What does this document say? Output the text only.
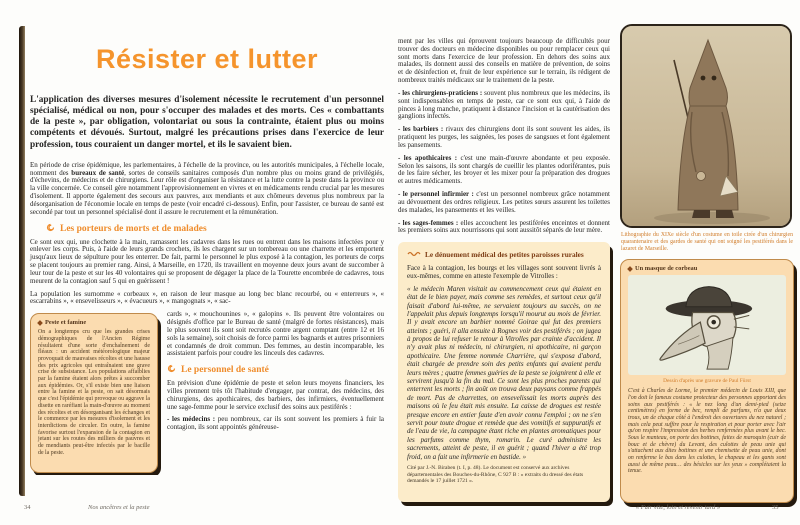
Résister et lutter

L'application des diverses mesures d'isolement nécessite le recrutement d'un personnel spécialisé, médical ou non, pour s'occuper des malades et des morts. Ces « combattants de la peste », par obligation, volontariat ou sous la contrainte, étaient plus ou moins compétents et dévoués. Surtout, malgré les précautions prises dans l'exercice de leur profession, tous couraient un danger mortel, et ils le savaient bien.

En période de crise épidémique, les parlementaires, à l'échelle de la province, ou les autorités municipales, à l'échelle locale, nomment des bureaux de santé, sortes de conseils sanitaires composés d'un nombre plus ou moins grand de privilégiés, d'échevins, de médecins et de chirurgiens. Leur rôle est d'organiser la résistance et la lutte contre la peste dans la province ou la ville concernée. Ce conseil gère notamment l'approvisionnement en vivres et en médicaments rendu crucial par les mesures d'isolement. Il apporte également des secours aux pauvres, aux mendiants et aux chômeurs devenus plus nombreux par la désorganisation de l'économie locale en temps de peste (voir encadré ci-dessous). Enfin, pour l'assister, ce bureau de santé est secondé par tout un personnel spécialisé dont il assure le recrutement et la rémunération.

Les porteurs de morts et de malades

Ce sont eux qui, une clochette à la main, ramassent les cadavres dans les rues ou entrent dans les maisons infectées pour y enlever les corps. Puis, à l'aide de leurs grands crochets, ils les chargent sur un tombereau ou une charrette et les emportent jusqu'aux lieux de sépulture pour les enterrer. De fait, parmi le personnel le plus exposé à la contagion, les porteurs de corps se placent toujours au premier rang. Ainsi, à Marseille, en 1720, ils travaillent en moyenne deux jours avant de succomber à leur tour de la peste et sur les 40 volontaires qui se proposent de dégager la place de la Tourette encombrée de cadavres, tous meurent de la contagion sauf 5 qui en guérissent !

La population les surnomme « corbeaux », en raison de leur masque au long bec blanc recourbé, ou « enterreurs », « escarrabins », « ensevelisseurs », « évacueurs », « mangognats », « sac-

Peste et famine
On a longtemps cru que les grandes crises démographiques de l'Ancien Régime résultaient d'une sorte d'enchaînement de fléaux : un accident météorologique majeur provoquait de mauvaises récoltes et une hausse des prix agricoles qui entraînaient une grave crise de subsistance. Les populations affaiblies par la famine étaient alors prêtes à succomber aux épidémies. Or, s'il existe bien une liaison entre la famine et la peste, on sait désormais que c'est l'épidémie qui provoque ou aggrave la disette en raréfiant la main-d'œuvre au moment des récoltes et en désorganisant les échanges et le commerce par les mesures d'isolement et les interdictions de circuler. En outre, la famine favorise surtout l'expansion de la contagion en jetant sur les routes des milliers de pauvres et de mendiants peut-être infectés par le bacille de la peste.

cards », « mouchounines », « galopins ». Ils peuvent être volontaires ou désignés d'office par le Bureau de santé (malgré de fortes résistances), mais le plus souvent ils sont soit recrutés contre argent comptant (entre 12 et 16 sols la semaine), soit choisis de force parmi les bagnards et autres prisonniers et condamnés de droit commun. Des femmes, au destin incomparable, les assistaient parfois pour coudre les linceuls des cadavres.

Le personnel de santé

En prévision d'une épidémie de peste et selon leurs moyens financiers, les villes prennent très tôt l'habitude d'engager, par contrat, des médecins, des chirurgiens, des apothicaires, des barbiers, des infirmiers, éventuellement une sage-femme pour le service exclusif des soins aux pestiférés :

- les médecins : peu nombreux, car ils sont souvent les premiers à fuir la contagion, ils sont appointés généreuse-

ment par les villes qui éprouvent toujours beaucoup de difficultés pour trouver des docteurs en médecine disponibles ou pour remplacer ceux qui sont morts dans l'exercice de leur profession. En dehors des soins aux malades, ils donnent aussi des conseils en matière de prévention, de soins et de désinfection et, fruit de leur expérience sur le terrain, ils rédigent de nombreux traités médicaux sur le traitement de la peste.

- les chirurgiens-praticiens : souvent plus nombreux que les médecins, ils sont indispensables en temps de peste, car ce sont eux qui, à l'aide de pinces à long manche, pratiquent à distance l'incision et la cautérisation des ganglions infectés.

- les barbiers : rivaux des chirurgiens dont ils sont souvent les aides, ils pratiquent les purges, les saignées, les poses de sangsues et font également les pansements.

- les apothicaires : c'est une main-d'œuvre abondante et peu exposée. Selon les saisons, ils sont chargés de cueillir les plantes odoriférantes, puis de les faire sécher, les broyer et les mixer pour la préparation des drogues et autres médicaments.

- le personnel infirmier : c'est un personnel nombreux grâce notamment au dévouement des ordres religieux. Les petites sœurs assurent les toilettes des malades, les pansements et les veilles.

- les sages-femmes : elles accouchent les pestiférées enceintes et donnent les premiers soins aux nourrissons qui sont aussitôt séparés de leur mère.

Le dénuement médical des petites paroisses rurales

Face à la contagion, les bourgs et les villages sont souvent livrés à eux-mêmes, comme en atteste l'exemple de Vitrolles :

« le médecin Maren visitait au commencement ceux qui étaient en état de le bien payer, mais comme ses remèdes, et surtout ceux qu'il faisait d'abord lui-même, ne servaient toujours au succès, on ne l'appelait plus depuis longtemps lorsqu'il mourut au mois de février. Il y avait encore un barbier nommé Goirae qui fut des premiers atteints ; guéri, il alla ensuite à Rognes voir des pestiférés ; on jugea à propos de lui refuser le retour à Vitrolles par crainte d'accident. Il n'y avait plus ni médecin, ni chirurgien, ni apothicaire, ni garçon apothicaire. Une femme nommée Charrière, qui s'exposa d'abord, était chargée de prendre soin des petits enfants qui avaient perdu leurs mères ; quatre femmes guéries de la peste se joignirent à elle et servirent jusqu'à la fin du mal. Ce sont les plus proches parents qui enterrent les morts ; fin août on trouva deux paysans comme frappés de mort. Pas de charrettes, on ensevelissait les morts auprès des maisons où le feu était mis ensuite. La caisse de drogues est restée presque encore en entier faute d'en avoir connu l'emploi ; on ne s'en servit pour toute drogue et remède que des vomitifs et suppuratifs et de l'eau de vie, la campagne étant riche en plantes aromatiques pour les parfums comme thym, romarin. Le curé administre les sacrements, atteint de peste, il en guérit ; quand l'hiver a été trop froid, on a fait une infirmerie en bastide. »

Cité par J.-N. Biraben (t. I, p. 48). Le document est conservé aux archives départementales des Bouches-du-Rhône, C 927 B : « extraits du dressé des états demandés le 17 juillet 1721 ».
Lithographie du XIXe siècle d'un costume en toile cirée d'un chirurgien quarantenaire et des gardes de santé qui ont soigné les pestiférés dans le lazaret de Marseille.
Un masque de corbeau
Dessin d'après une gravure de Paul Fürst
C'est à Charles de Lorme, le premier médecin de Louis XIII, que l'on doit le fameux costume protecteur des personnes apportant des soins aux pestiférés : « le nez long d'un demi-pied (seize centimètres) en forme de bec, rempli de parfums, n'a que deux trous, un de chaque côté à l'endroit des ouvertures du nez naturel ; mais cela peut suffire pour la respiration et pour porter avec l'air qu'on respire l'impression des herbes renfermées plus avant le bec. Sous le manteau, on porte des bottines, faites de maroquin (cuir de bouc et de chèvre) du Levant, des culottes de peau unie qui s'attachent aux dites bottines et une chemisette de peau unie, dont on renferme le bas dans les culottes, le chapeau et les gants sont aussi de même peau… des bésicles sur les yeux » complétaient la tenue.
34	Nos ancêtres et la peste	« Fuir vite, loin et revenir tard »	35
